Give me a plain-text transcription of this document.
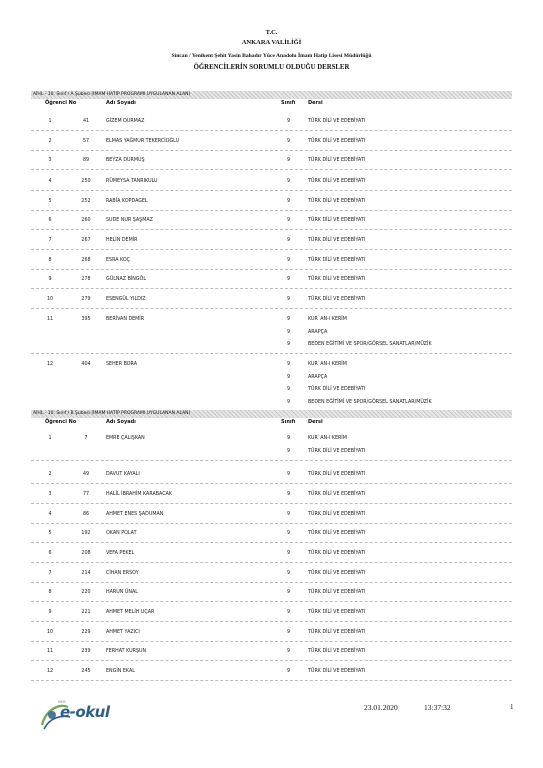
T.C.
ANKARA VALİLİĞİ
Sincan / Yenikent Şehit Yasin Bahadır Yüce Anadolu İmam Hatip Lisesi Müdürlüğü
ÖĞRENCİLERİN SORUMLU OLDUĞU DERSLER
AİHL - 10. Sınıf / A Şubesi (İMAM HATİP PROGRAMI UYGULANAN ALAN)
Öğrenci No	Adı Soyadı	Sınıfı	Dersi
1	41	GİZEM DURMAZ	9	TÜRK DİLİ VE EDEBİYATI
2	57	ELMAS YAĞMUR TEKERCİOĞLU	9	TÜRK DİLİ VE EDEBİYATI
3	89	BEYZA DURMUŞ	9	TÜRK DİLİ VE EDEBİYATI
4	250	RÜMEYSA TANRIKULU	9	TÜRK DİLİ VE EDEBİYATI
5	252	RABİA KOPDAGEL	9	TÜRK DİLİ VE EDEBİYATI
6	260	SUDE NUR ŞAŞMAZ	9	TÜRK DİLİ VE EDEBİYATI
7	267	HELİN DEMİR	9	TÜRK DİLİ VE EDEBİYATI
8	268	ESRA KOÇ	9	TÜRK DİLİ VE EDEBİYATI
9	278	GÜLNAZ BİNGÖL	9	TÜRK DİLİ VE EDEBİYATI
10	279	ESENGÜL YILDIZ	9	TÜRK DİLİ VE EDEBİYATI
11	395	BERİVAN DEMİR	9	KUR`AN-I KERİM
9	ARAPÇA
9	BEDEN EĞİTİMİ VE SPOR/GÖRSEL SANATLAR/MÜZİK
12	404	SEHER BORA	9	KUR`AN-I KERİM
9	ARAPÇA
9	TÜRK DİLİ VE EDEBİYATI
9	BEDEN EĞİTİMİ VE SPOR/GÖRSEL SANATLAR/MÜZİK
AİHL - 10. Sınıf / B Şubesi (İMAM HATİP PROGRAMI UYGULANAN ALAN)
Öğrenci No	Adı Soyadı	Sınıfı	Dersi
1	7	EMRE ÇALIŞKAN	9	KUR`AN-I KERİM
9	TÜRK DİLİ VE EDEBİYATI
2	49	DAVUT KAYALI	9	TÜRK DİLİ VE EDEBİYATI
3	77	HALİL İBRAHİM KARABACAK	9	TÜRK DİLİ VE EDEBİYATI
4	86	AHMET ENES ŞADUMAN	9	TÜRK DİLİ VE EDEBİYATI
5	192	OKAN POLAT	9	TÜRK DİLİ VE EDEBİYATI
6	208	VEFA PEKEL	9	TÜRK DİLİ VE EDEBİYATI
7	214	CİHAN ERSOY	9	TÜRK DİLİ VE EDEBİYATI
8	220	HARUN ÜNAL	9	TÜRK DİLİ VE EDEBİYATI
9	221	AHMET MELİH UÇAR	9	TÜRK DİLİ VE EDEBİYATI
10	229	AHMET YAZICI	9	TÜRK DİLİ VE EDEBİYATI
11	239	FERHAT KURŞUN	9	TÜRK DİLİ VE EDEBİYATI
12	245	ENGİN EKAL	9	TÜRK DİLİ VE EDEBİYATI
MEB
e-okul	23.01.2020	13:37:32	1
